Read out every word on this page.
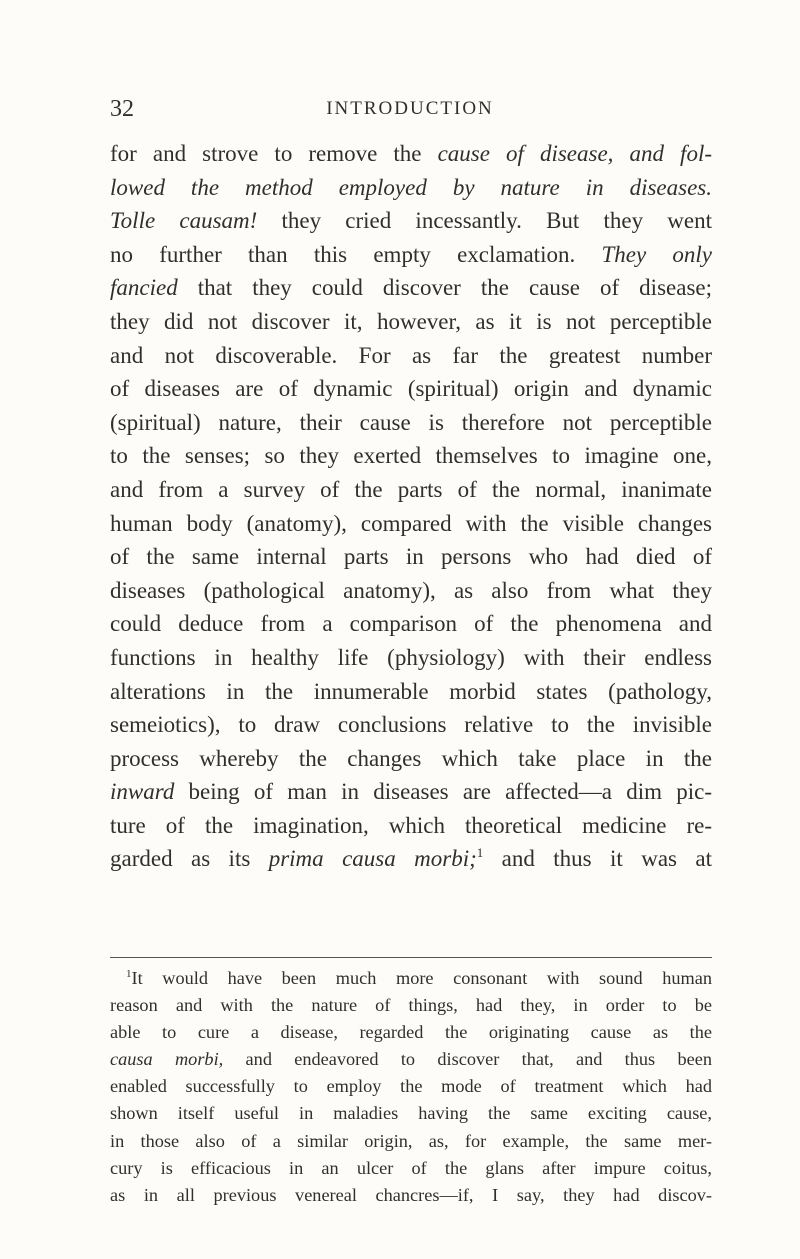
32	INTRODUCTION
for and strove to remove the cause of disease, and fol-
lowed the method employed by nature in diseases.
Tolle causam! they cried incessantly. But they went
no further than this empty exclamation. They only
fancied that they could discover the cause of disease;
they did not discover it, however, as it is not perceptible
and not discoverable. For as far the greatest number
of diseases are of dynamic (spiritual) origin and dynamic
(spiritual) nature, their cause is therefore not perceptible
to the senses; so they exerted themselves to imagine one,
and from a survey of the parts of the normal, inanimate
human body (anatomy), compared with the visible changes
of the same internal parts in persons who had died of
diseases (pathological anatomy), as also from what they
could deduce from a comparison of the phenomena and
functions in healthy life (physiology) with their endless
alterations in the innumerable morbid states (pathology,
semeiotics), to draw conclusions relative to the invisible
process whereby the changes which take place in the
inward being of man in diseases are affected—a dim pic-
ture of the imagination, which theoretical medicine re-
garded as its prima causa morbi;$^1$ and thus it was at
$^1$It would have been much more consonant with sound human
reason and with the nature of things, had they, in order to be
able to cure a disease, regarded the originating cause as the
causa morbi, and endeavored to discover that, and thus been
enabled successfully to employ the mode of treatment which had
shown itself useful in maladies having the same exciting cause,
in those also of a similar origin, as, for example, the same mer-
cury is efficacious in an ulcer of the glans after impure coitus,
as in all previous venereal chancres—if, I say, they had discov-
